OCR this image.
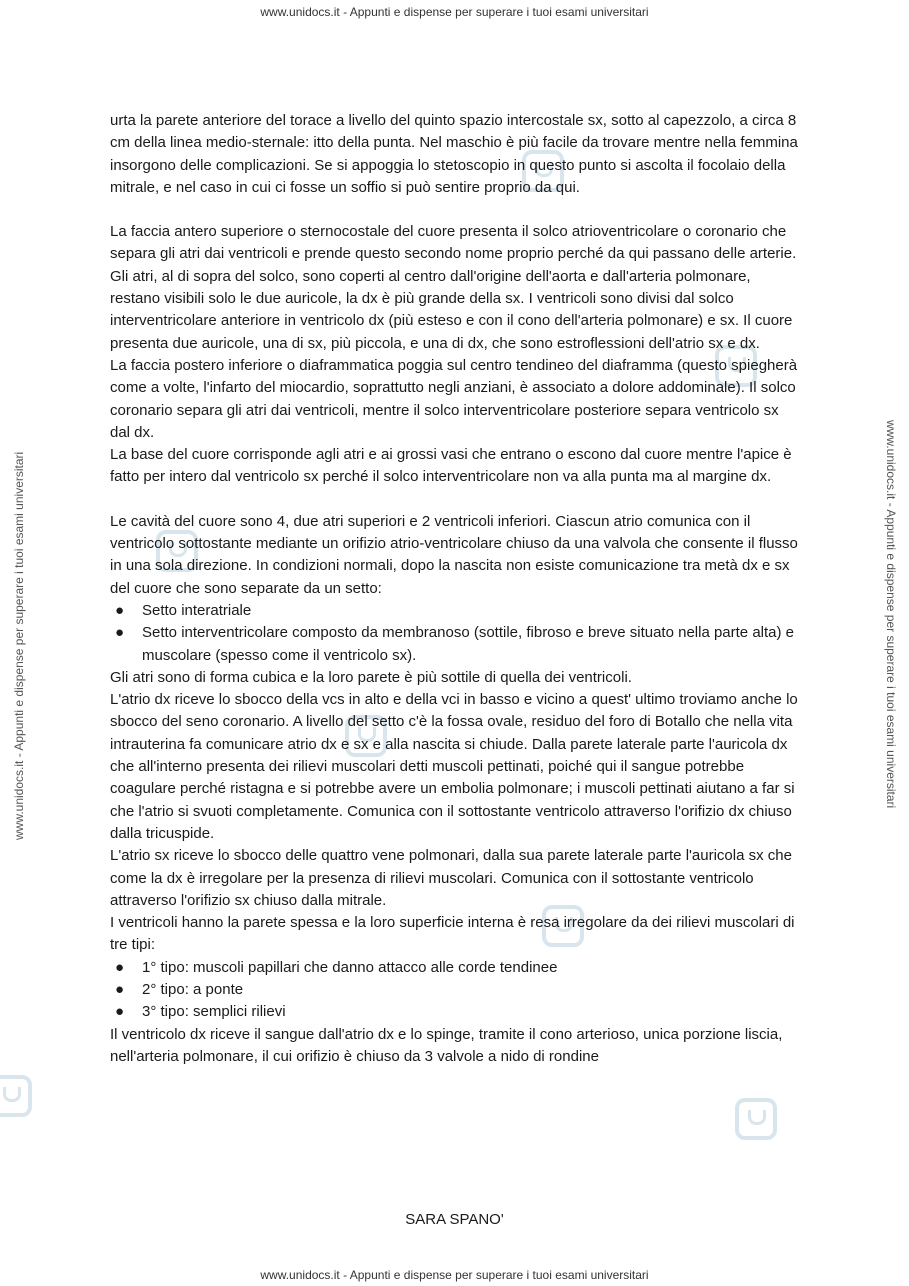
www.unidocs.it - Appunti e dispense per superare i tuoi esami universitari
www.unidocs.it - Appunti e dispense per superare i tuoi esami universitari	www.unidocs.it - Appunti e dispense per superare i tuoi esami universitari

urta la parete anteriore del torace a livello del quinto spazio intercostale sx, sotto al capezzolo, a circa 8 cm della linea medio-sternale: itto della punta. Nel maschio è più facile da trovare mentre nella femmina insorgono delle complicazioni. Se si appoggia lo stetoscopio in questo punto si ascolta il focolaio della mitrale, e nel caso in cui ci fosse un soffio si può sentire proprio da qui.

La faccia antero superiore o sternocostale del cuore presenta il solco atrioventricolare o coronario che separa gli atri dai ventricoli e prende questo secondo nome proprio perché da qui passano delle arterie. Gli atri, al di sopra del solco, sono coperti al centro dall'origine dell'aorta e dall'arteria polmonare, restano visibili solo le due auricole, la dx è più grande della sx. I ventricoli sono divisi dal solco interventricolare anteriore in ventricolo dx (più esteso e con il cono dell'arteria polmonare) e sx. Il cuore presenta due auricole, una di sx, più piccola, e una di dx, che sono estroflessioni dell'atrio sx e dx.

La faccia postero inferiore o diaframmatica poggia sul centro tendineo del diaframma (questo spiegherà come a volte, l'infarto del miocardio, soprattutto negli anziani, è associato a dolore addominale). Il solco coronario separa gli atri dai ventricoli, mentre il solco interventricolare posteriore separa ventricolo sx dal dx.

La base del cuore corrisponde agli atri e ai grossi vasi che entrano o escono dal cuore mentre l'apice è fatto per intero dal ventricolo sx perché il solco interventricolare non va alla punta ma al margine dx.

Le cavità del cuore sono 4, due atri superiori e 2 ventricoli inferiori. Ciascun atrio comunica con il ventricolo sottostante mediante un orifizio atrio-ventricolare chiuso da una valvola che consente il flusso in una sola direzione. In condizioni normali, dopo la nascita non esiste comunicazione tra metà dx e sx del cuore che sono separate da un setto:

● Setto interatriale
● Setto interventricolare composto da membranoso (sottile, fibroso e breve situato nella parte alta) e muscolare (spesso come il ventricolo sx).

Gli atri sono di forma cubica e la loro parete è più sottile di quella dei ventricoli.

L'atrio dx riceve lo sbocco della vcs in alto e della vci in basso e vicino a quest' ultimo troviamo anche lo sbocco del seno coronario. A livello del setto c'è la fossa ovale, residuo del foro di Botallo che nella vita intrauterina fa comunicare atrio dx e sx e alla nascita si chiude. Dalla parete laterale parte l'auricola dx che all'interno presenta dei rilievi muscolari detti muscoli pettinati, poiché qui il sangue potrebbe coagulare perché ristagna e si potrebbe avere un embolia polmonare; i muscoli pettinati aiutano a far si che l'atrio si svuoti completamente. Comunica con il sottostante ventricolo attraverso l'orifizio dx chiuso dalla tricuspide.

L'atrio sx riceve lo sbocco delle quattro vene polmonari, dalla sua parete laterale parte l'auricola sx che come la dx è irregolare per la presenza di rilievi muscolari. Comunica con il sottostante ventricolo attraverso l'orifizio sx chiuso dalla mitrale.

I ventricoli hanno la parete spessa e la loro superficie interna è resa irregolare da dei rilievi muscolari di tre tipi:

● 1° tipo: muscoli papillari che danno attacco alle corde tendinee
● 2° tipo: a ponte
● 3° tipo: semplici rilievi

Il ventricolo dx riceve il sangue dall'atrio dx e lo spinge, tramite il cono arterioso, unica porzione liscia, nell'arteria polmonare, il cui orifizio è chiuso da 3 valvole a nido di rondine

SARA SPANO'
www.unidocs.it - Appunti e dispense per superare i tuoi esami universitari
